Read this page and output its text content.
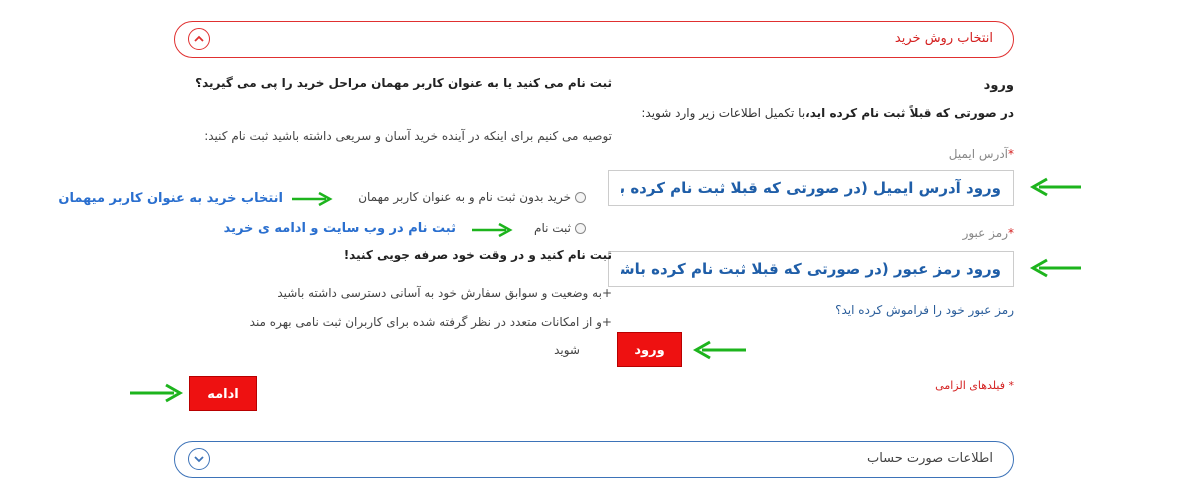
انتخاب روش خرید
ورود
در صورتی که قبلاً ثبت نام کرده اید،با تکمیل اطلاعات زیر وارد شوید:
*آدرس ایمیل
ورود آدرس ایمیل (در صورتی که قبلا ثبت نام کرده باشید)
*رمز عبور
ورود رمز عبور (در صورتی که قبلا ثبت نام کرده باشید)
رمز عبور خود را فراموش کرده اید؟
ورود
* فیلدهای الزامی
ثبت نام می کنید یا به عنوان کاربر مهمان مراحل خرید را پی می گیرید؟
توصیه می کنیم برای اینکه در آینده خرید آسان و سریعی داشته باشید ثبت نام کنید:
خرید بدون ثبت نام و به عنوان کاربر مهمان
ثبت نام
انتخاب خرید به عنوان کاربر میهمان
ثبت نام در وب سایت و ادامه ی خرید
ثبت نام کنید و در وقت خود صرفه جویی کنید!
+به وضعیت و سوابق سفارش خود به آسانی دسترسی داشته باشید
+و از امکانات متعدد در نظر گرفته شده برای کاربران ثبت نامی بهره مند
شوید
ادامه
اطلاعات صورت حساب
